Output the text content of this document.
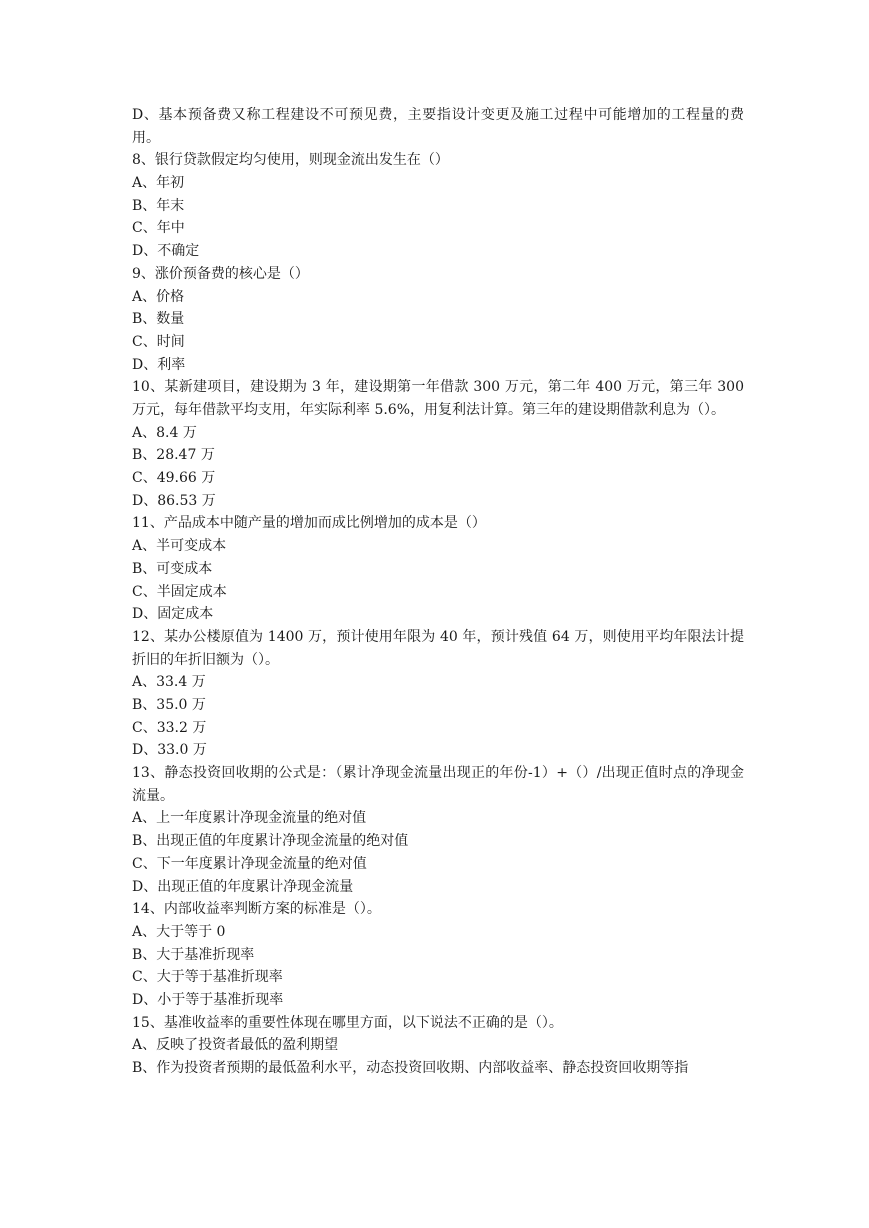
D、基本预备费又称工程建设不可预见费，主要指设计变更及施工过程中可能增加的工程量的费用。
8、银行贷款假定均匀使用，则现金流出发生在（）
A、年初
B、年末
C、年中
D、不确定
9、涨价预备费的核心是（）
A、价格
B、数量
C、时间
D、利率
10、某新建项目，建设期为 3 年，建设期第一年借款 300 万元，第二年 400 万元，第三年 300 万元，每年借款平均支用，年实际利率 5.6%，用复利法计算。第三年的建设期借款利息为（）。
A、8.4 万
B、28.47 万
C、49.66 万
D、86.53 万
11、产品成本中随产量的增加而成比例增加的成本是（）
A、半可变成本
B、可变成本
C、半固定成本
D、固定成本
12、某办公楼原值为 1400 万，预计使用年限为 40 年，预计残值 64 万，则使用平均年限法计提折旧的年折旧额为（）。
A、33.4 万
B、35.0 万
C、33.2 万
D、33.0 万
13、静态投资回收期的公式是：（累计净现金流量出现正的年份-1）+（）/出现正值时点的净现金流量。
A、上一年度累计净现金流量的绝对值
B、出现正值的年度累计净现金流量的绝对值
C、下一年度累计净现金流量的绝对值
D、出现正值的年度累计净现金流量
14、内部收益率判断方案的标准是（）。
A、大于等于 0
B、大于基准折现率
C、大于等于基准折现率
D、小于等于基准折现率
15、基准收益率的重要性体现在哪里方面，以下说法不正确的是（）。
A、反映了投资者最低的盈利期望
B、作为投资者预期的最低盈利水平，动态投资回收期、内部收益率、静态投资回收期等指
